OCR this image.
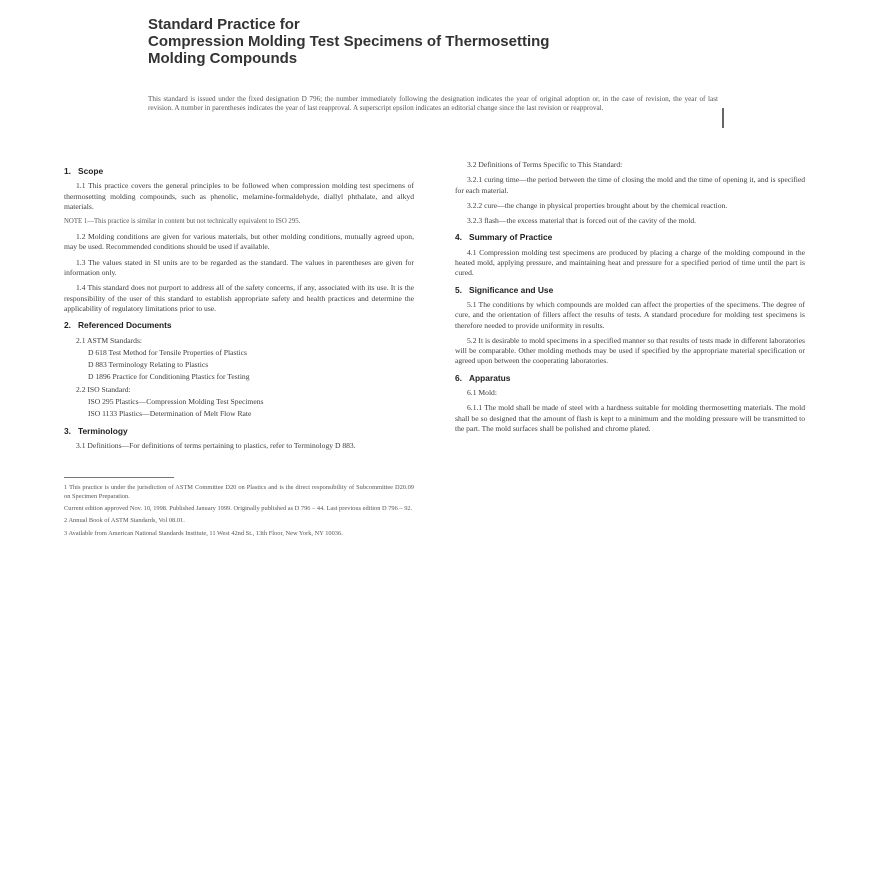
Standard Practice for
Compression Molding Test Specimens of Thermosetting
Molding Compounds
This standard is issued under the fixed designation D 796; the number immediately following the designation indicates the year of original adoption or, in the case of revision, the year of last revision. A number in parentheses indicates the year of last reapproval. A superscript epsilon indicates an editorial change since the last revision or reapproval.
1. Scope

1.1 This practice covers the general principles to be followed when compression molding test specimens of thermosetting molding compounds, such as phenolic, melamine-formaldehyde, diallyl phthalate, and alkyd materials.

NOTE 1—This practice is similar in content but not technically equivalent to ISO 295.

1.2 Molding conditions are given for various materials, but other molding conditions, mutually agreed upon, may be used. Recommended conditions should be used if available.

1.3 The values stated in SI units are to be regarded as the standard. The values in parentheses are given for information only.

1.4 This standard does not purport to address all of the safety concerns, if any, associated with its use. It is the responsibility of the user of this standard to establish appropriate safety and health practices and determine the applicability of regulatory limitations prior to use.

2. Referenced Documents
2.1 ASTM Standards:
D 618 Test Method for Tensile Properties of Plastics
D 883 Terminology Relating to Plastics
D 1896 Practice for Conditioning Plastics for Testing
2.2 ISO Standard:
ISO 295 Plastics—Compression Molding Test Specimens
ISO 1133 Plastics—Determination of Melt Flow Rate
3. Terminology

3.1 Definitions—For definitions of terms pertaining to plastics, refer to Terminology D 883.

1 This practice is under the jurisdiction of ASTM Committee D20 on Plastics and is the direct responsibility of Subcommittee D20.09 on Specimen Preparation.

Current edition approved Nov. 10, 1998. Published January 1999. Originally published as D 796 – 44. Last previous edition D 796 – 92.

2 Annual Book of ASTM Standards, Vol 08.01.

3 Available from American National Standards Institute, 11 West 42nd St., 13th Floor, New York, NY 10036.

3.2 Definitions of Terms Specific to This Standard:

3.2.1 curing time—the period between the time of closing the mold and the time of opening it, and is specified for each material.

3.2.2 cure—the change in physical properties brought about by the chemical reaction.

3.2.3 flash—the excess material that is forced out of the cavity of the mold.

4. Summary of Practice

4.1 Compression molding test specimens are produced by placing a charge of the molding compound in the heated mold, applying pressure, and maintaining heat and pressure for a specified period of time until the part is cured.

5. Significance and Use

5.1 The conditions by which compounds are molded can affect the properties of the specimens. The degree of cure, and the orientation of fillers affect the results of tests. A standard procedure for molding test specimens is therefore needed to provide uniformity in results.

5.2 It is desirable to mold specimens in a specified manner so that results of tests made in different laboratories will be comparable. Other molding methods may be used if specified by the appropriate material specification or agreed upon between the cooperating laboratories.

6. Apparatus

6.1 Mold:

6.1.1 The mold shall be made of steel with a hardness suitable for molding thermosetting materials. The mold shall be so designed that the amount of flash is kept to a minimum and the molding pressure will be transmitted to the part. The mold surfaces shall be polished and chrome plated.
